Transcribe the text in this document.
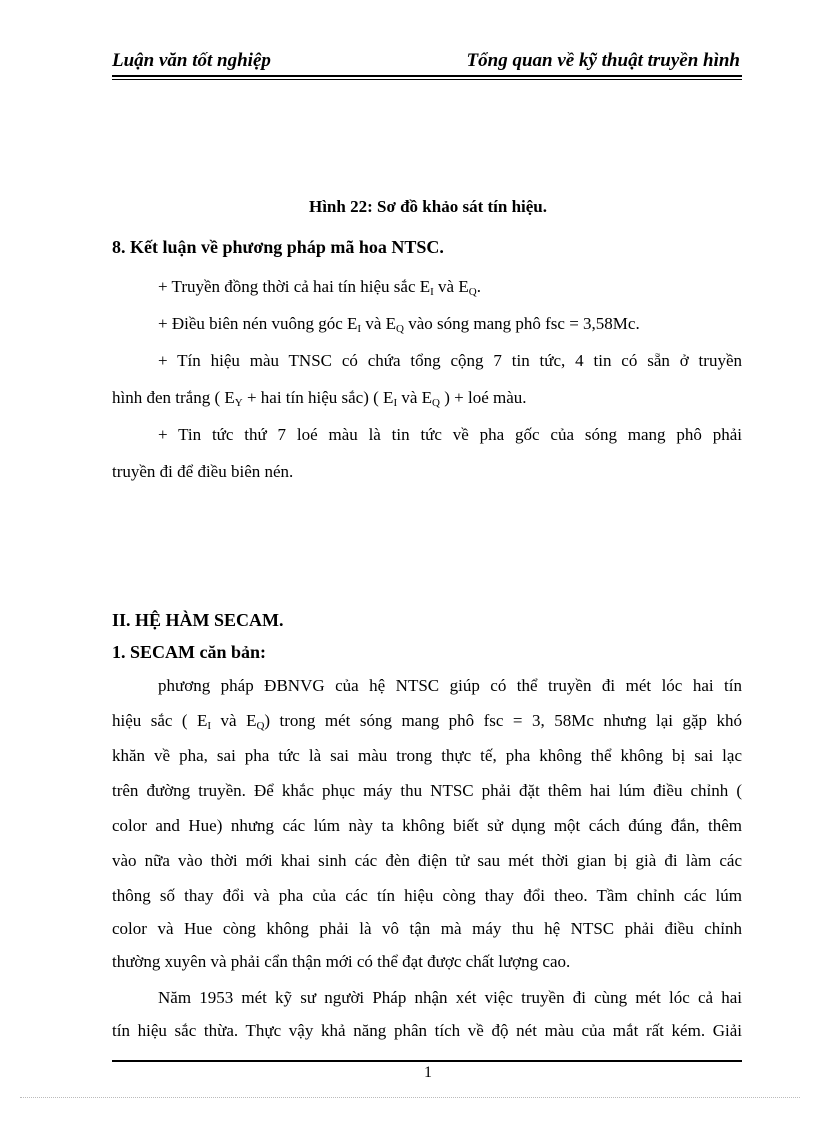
Luận văn tốt nghiệp	Tổng quan về kỹ thuật truyền hình
Hình 22: Sơ đồ khảo sát tín hiệu.
8. Kết luận về phương pháp mã hoa NTSC.
+ Truyền đồng thời cả hai tín hiệu sắc $E_I$ và $E_Q$.
+ Điều biên nén vuông góc $E_I$ và $E_Q$ vào sóng mang phô fsc = 3,58Mc.
+ Tín hiệu màu TNSC có chứa tổng cộng 7 tin tức, 4 tin có sẵn ở truyền
hình đen trắng ( $E_Y$ + hai tín hiệu sắc) ( $E_I$ và $E_Q$ ) + loé màu.
+ Tin tức thứ 7 loé màu là tin tức về pha gốc của sóng mang phô phải
truyền đi để điều biên nén.
II. HỆ HÀM SECAM.
1. SECAM căn bản:
phương pháp ĐBNVG của hệ NTSC giúp có thể truyền đi mét lóc hai tín
hiệu sắc ( $E_I$ và $E_Q$) trong mét sóng mang phô fsc = 3, 58Mc nhưng lại gặp khó
khăn về pha, sai pha tức là sai màu trong thực tế, pha không thể không bị sai lạc
trên đường truyền. Để khắc phục máy thu NTSC phải đặt thêm hai lúm điều chỉnh (
color and Hue) nhưng các lúm này ta không biết sử dụng một cách đúng đắn, thêm
vào nữa vào thời mới khai sinh các đèn điện tử sau mét thời gian bị già đi làm các
thông số thay đổi và pha của các tín hiệu còng thay đổi theo. Tầm chỉnh các lúm
color và Hue còng không phải là vô tận mà máy thu hệ NTSC phải điều chỉnh
thường xuyên và phải cẩn thận mới có thể đạt được chất lượng cao.
Năm 1953 mét kỹ sư người Pháp nhận xét việc truyền đi cùng mét lóc cả hai
tín hiệu sắc thừa. Thực vậy khả năng phân tích về độ nét màu của mắt rất kém. Giải
1
